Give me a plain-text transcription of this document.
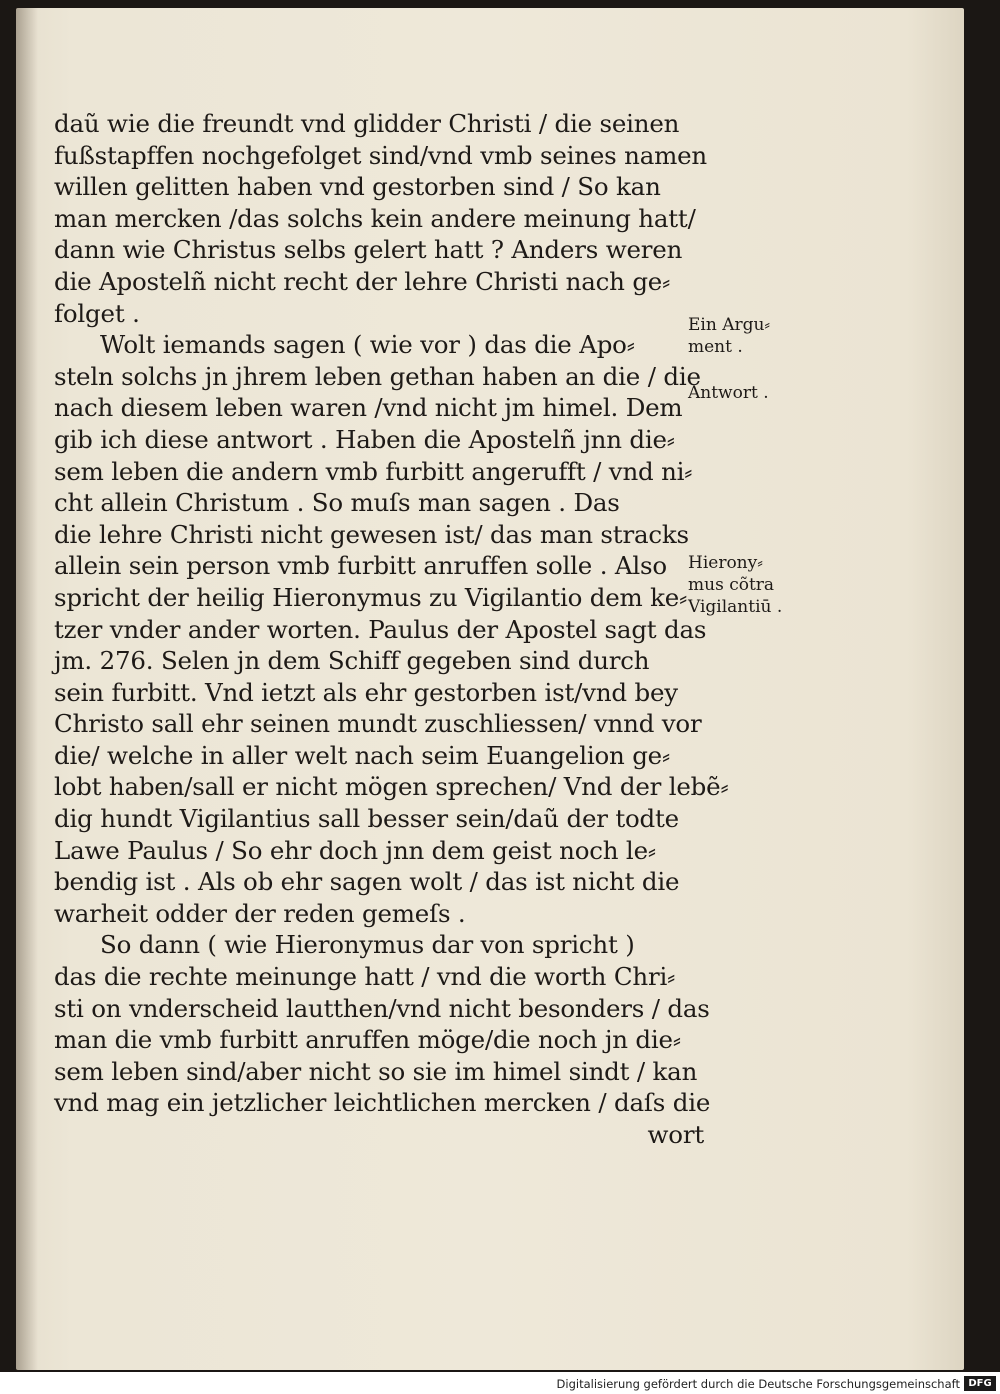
daũ wie die freundt vnd glidder Christi / die seinen
fußstapffen nochgefolget sind/vnd vmb seines namen
willen gelitten haben vnd gestorben sind / So kan
man mercken /das solchs kein andere meinung hatt/
dann wie Christus selbs gelert hatt ? Anders weren
die Apostelñ nicht recht der lehre Christi nach ge⸗
folget .
Wolt iemands sagen ( wie vor ) das die Apo⸗
steln solchs jn jhrem leben gethan haben an die / die
nach diesem leben waren /vnd nicht jm himel. Dem
gib ich diese antwort . Haben die Apostelñ jnn die⸗
sem leben die andern vmb furbitt angerufft / vnd ni⸗
cht allein Christum . So muſs man sagen . Das
die lehre Christi nicht gewesen ist/ das man stracks
allein sein person vmb furbitt anruffen solle . Also
spricht der heilig Hieronymus zu Vigilantio dem ke⸗
tzer vnder ander worten. Paulus der Apostel sagt das
jm. 276. Selen jn dem Schiff gegeben sind durch
sein furbitt. Vnd ietzt als ehr gestorben ist/vnd bey
Christo sall ehr seinen mundt zuschliessen/ vnnd vor
die/ welche in aller welt nach seim Euangelion ge⸗
lobt haben/sall er nicht mögen sprechen/ Vnd der lebẽ⸗
dig hundt Vigilantius sall besser sein/daũ der todte
Lawe Paulus / So ehr doch jnn dem geist noch le⸗
bendig ist . Als ob ehr sagen wolt / das ist nicht die
warheit odder der reden gemeſs .
So dann ( wie Hieronymus dar von spricht )
das die rechte meinunge hatt / vnd die worth Chri⸗
sti on vnderscheid lautthen/vnd nicht besonders / das
man die vmb furbitt anruffen möge/die noch jn die⸗
sem leben sind/aber nicht so sie im himel sindt / kan
vnd mag ein jetzlicher leichtlichen mercken / daſs die
wort
Ein Argu⸗
ment .
Antwort .
Hierony⸗
mus cõtra
Vigilantiū .
Digitalisierung gefördert durch die Deutsche Forschungsgemeinschaft DFG
